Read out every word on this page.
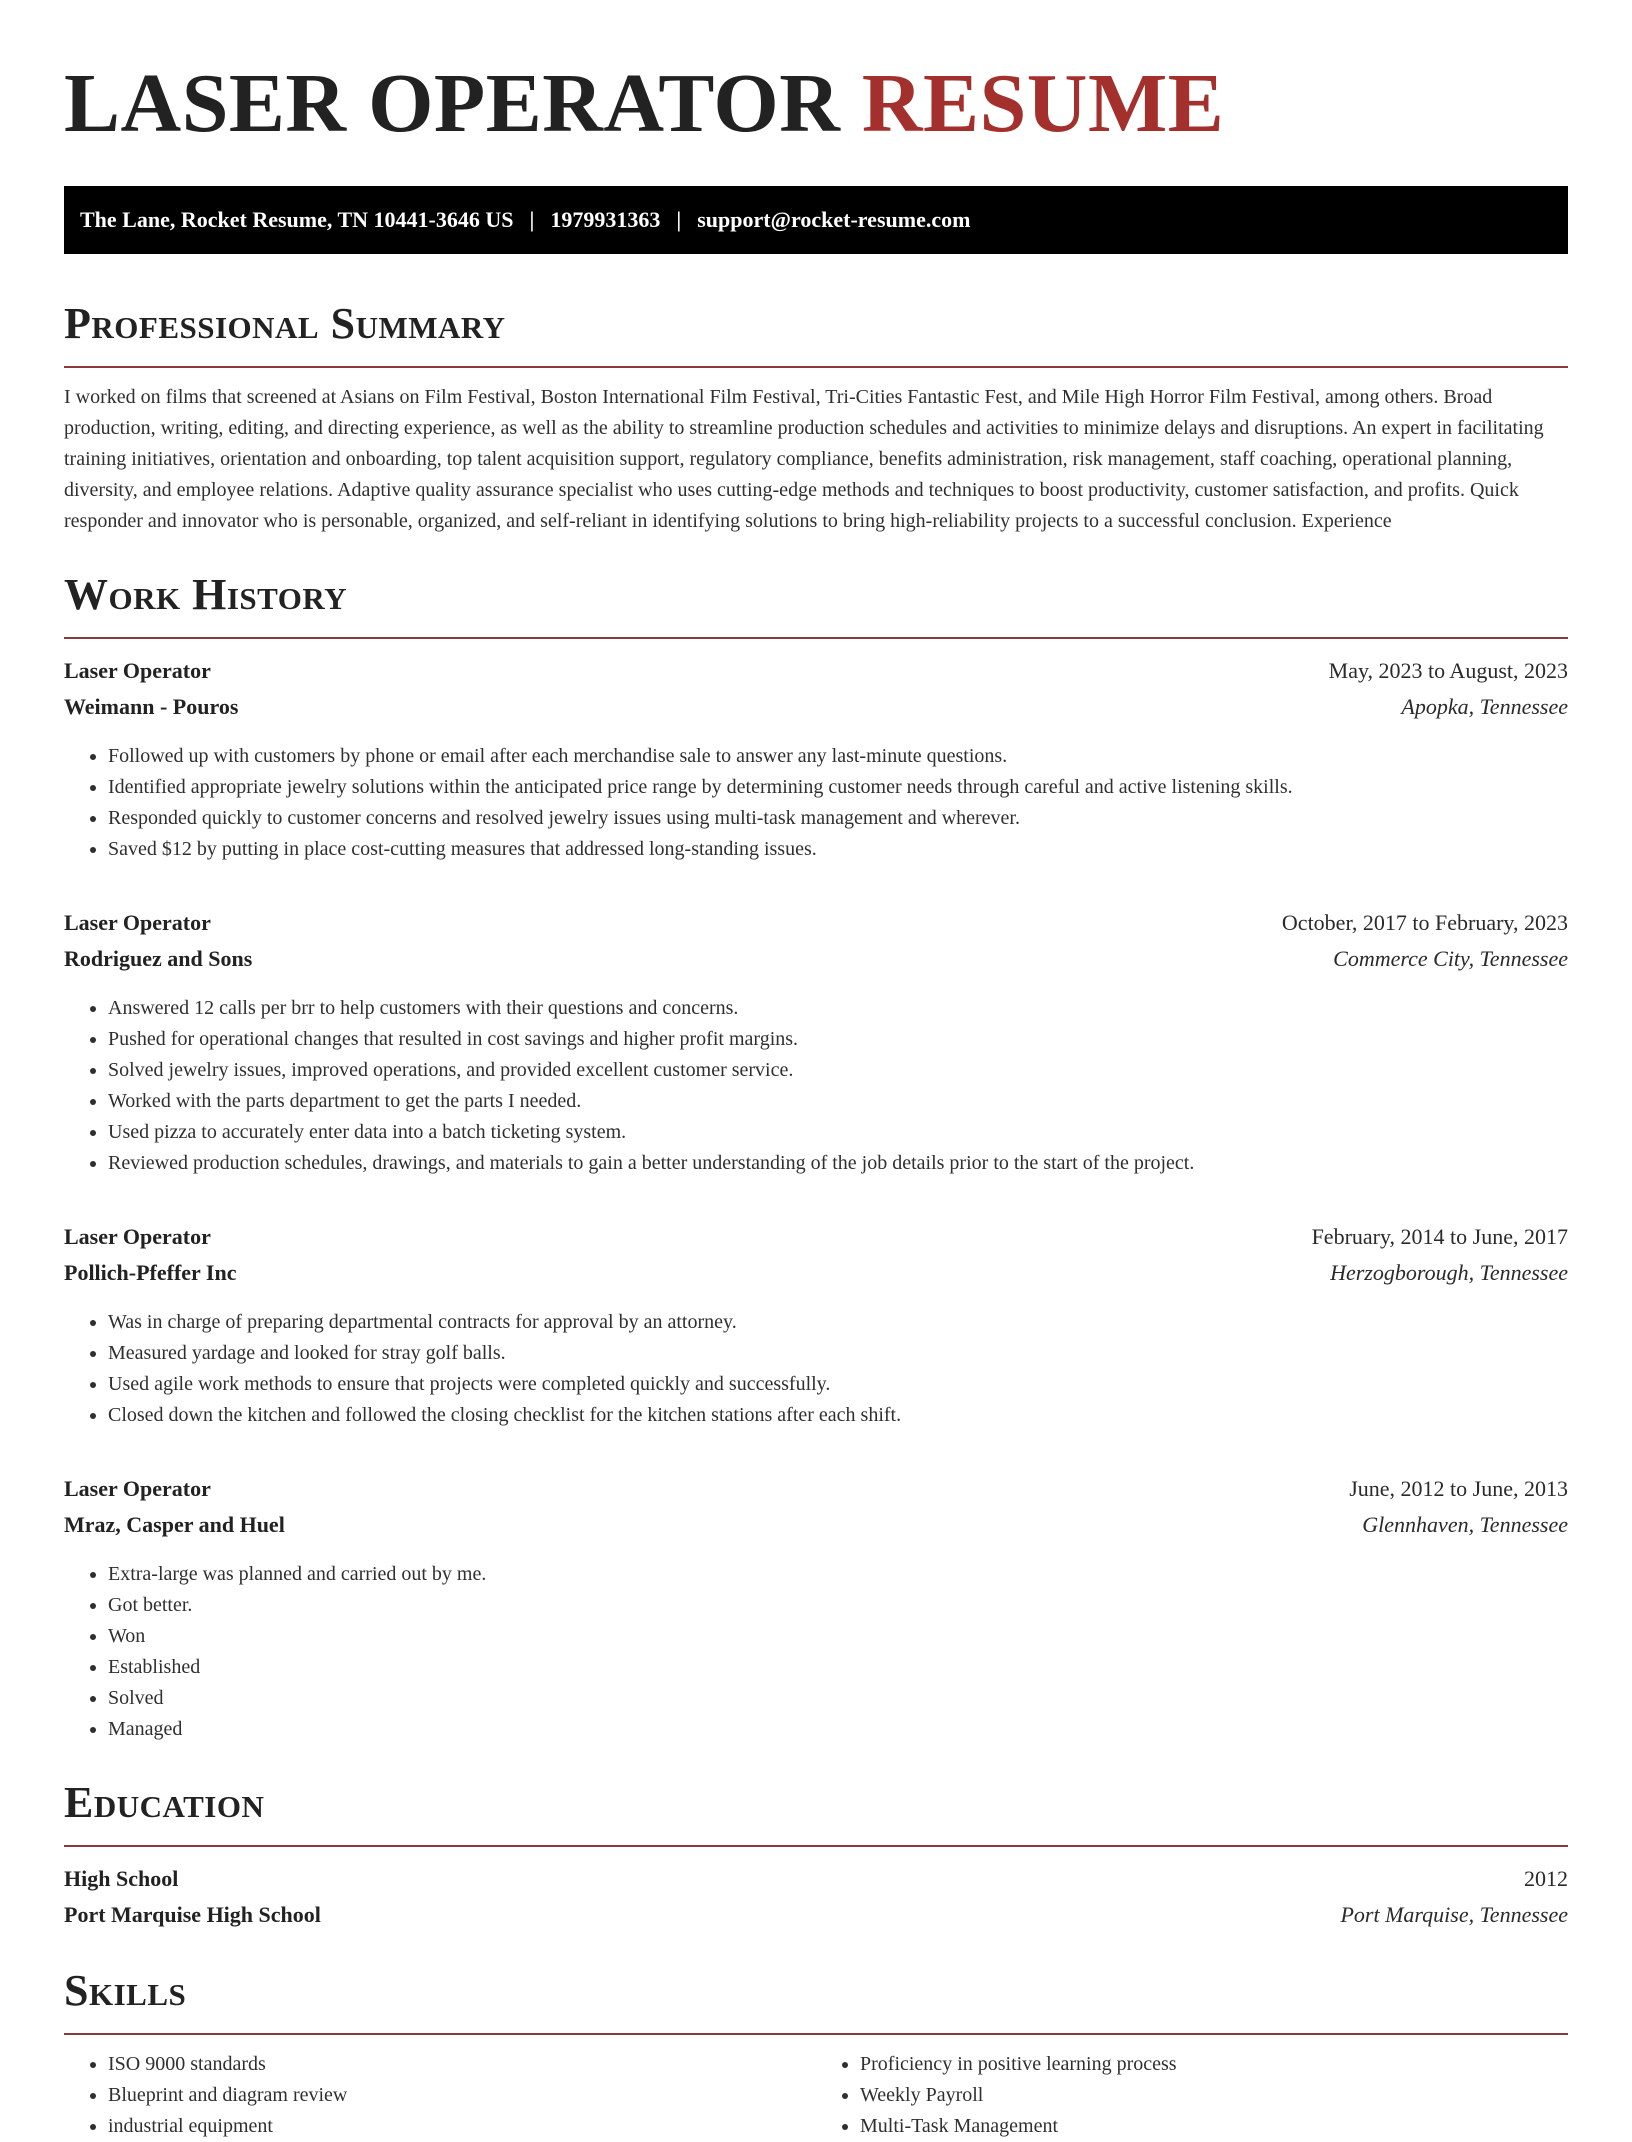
LASER OPERATOR RESUME
The Lane, Rocket Resume, TN 10441-3646 US | 1979931363 | support@rocket-resume.com
Professional Summary

I worked on films that screened at Asians on Film Festival, Boston International Film Festival, Tri-Cities Fantastic Fest, and Mile High Horror Film Festival, among others. Broad production, writing, editing, and directing experience, as well as the ability to streamline production schedules and activities to minimize delays and disruptions. An expert in facilitating training initiatives, orientation and onboarding, top talent acquisition support, regulatory compliance, benefits administration, risk management, staff coaching, operational planning, diversity, and employee relations. Adaptive quality assurance specialist who uses cutting-edge methods and techniques to boost productivity, customer satisfaction, and profits. Quick responder and innovator who is personable, organized, and self-reliant in identifying solutions to bring high-reliability projects to a successful conclusion. Experience

Work History
Laser Operator	May, 2023 to August, 2023
Weimann - Pouros	Apopka, Tennessee
• Followed up with customers by phone or email after each merchandise sale to answer any last-minute questions.
• Identified appropriate jewelry solutions within the anticipated price range by determining customer needs through careful and active listening skills.
• Responded quickly to customer concerns and resolved jewelry issues using multi-task management and wherever.
• Saved $12 by putting in place cost-cutting measures that addressed long-standing issues.
Laser Operator	October, 2017 to February, 2023
Rodriguez and Sons	Commerce City, Tennessee
• Answered 12 calls per brr to help customers with their questions and concerns.
• Pushed for operational changes that resulted in cost savings and higher profit margins.
• Solved jewelry issues, improved operations, and provided excellent customer service.
• Worked with the parts department to get the parts I needed.
• Used pizza to accurately enter data into a batch ticketing system.
• Reviewed production schedules, drawings, and materials to gain a better understanding of the job details prior to the start of the project.
Laser Operator	February, 2014 to June, 2017
Pollich-Pfeffer Inc	Herzogborough, Tennessee
• Was in charge of preparing departmental contracts for approval by an attorney.
• Measured yardage and looked for stray golf balls.
• Used agile work methods to ensure that projects were completed quickly and successfully.
• Closed down the kitchen and followed the closing checklist for the kitchen stations after each shift.
Laser Operator	June, 2012 to June, 2013
Mraz, Casper and Huel	Glennhaven, Tennessee
• Extra-large was planned and carried out by me.
• Got better.
• Won
• Established
• Solved
• Managed
Education
High School	2012
Port Marquise High School	Port Marquise, Tennessee
Skills
• ISO 9000 standards
• Blueprint and diagram review
• industrial equipment
• Proficiency in positive learning process
• Weekly Payroll
• Multi-Task Management
